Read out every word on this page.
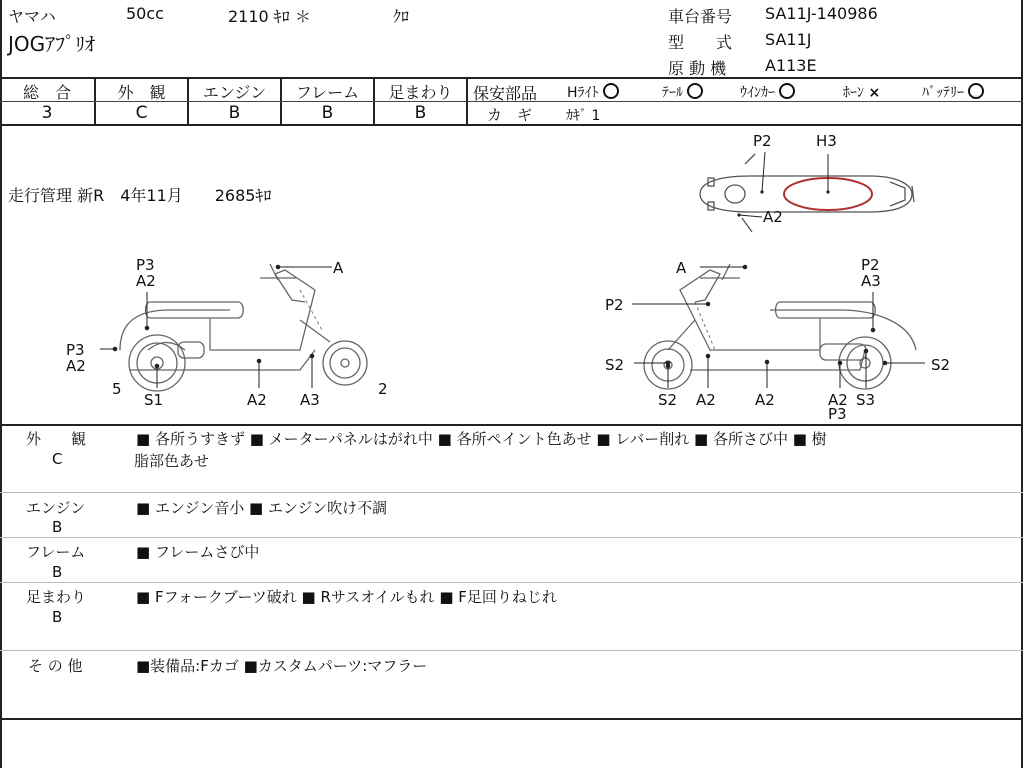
ヤマハ	50cc	2110 ｷﾛ ＊	ｸﾛ
JOGｱﾌﾟﾘｵ
車台番号 SA11J-140986
型　　式 SA11J
原 動 機 A113E
総　合
3
外　観
C
エンジン
B
フレーム
B
足まわり
B
保安部品 Hﾗｲﾄ	ﾃｰﾙ	ｳｲﾝｶｰ	ﾎｰﾝ ×	ﾊﾞｯﾃﾘｰ
カ　ギ ｶｷﾞ 1
走行管理 新R　4年11月　　2685ｷﾛ
P2	H3
A2
P3
A2
A
P3
A2
5
S1	A2 A3
2
A	P2
A3
P2
S2	S2
S2 A2	A2	A2
P3
S3
外　　観
C
■ 各所うすきず ■ メーターパネルはがれ中 ■ 各所ペイント色あせ ■ レバー削れ ■ 各所さび中 ■ 樹
脂部色あせ
エンジン
B
■ エンジン音小 ■ エンジン吹け不調
フレーム
B
■ フレームさび中
足まわり
B
■ Fフォークブーツ破れ ■ Rサスオイルもれ ■ F足回りねじれ
そ の 他	■装備品:Fカゴ ■カスタムパーツ:マフラー
